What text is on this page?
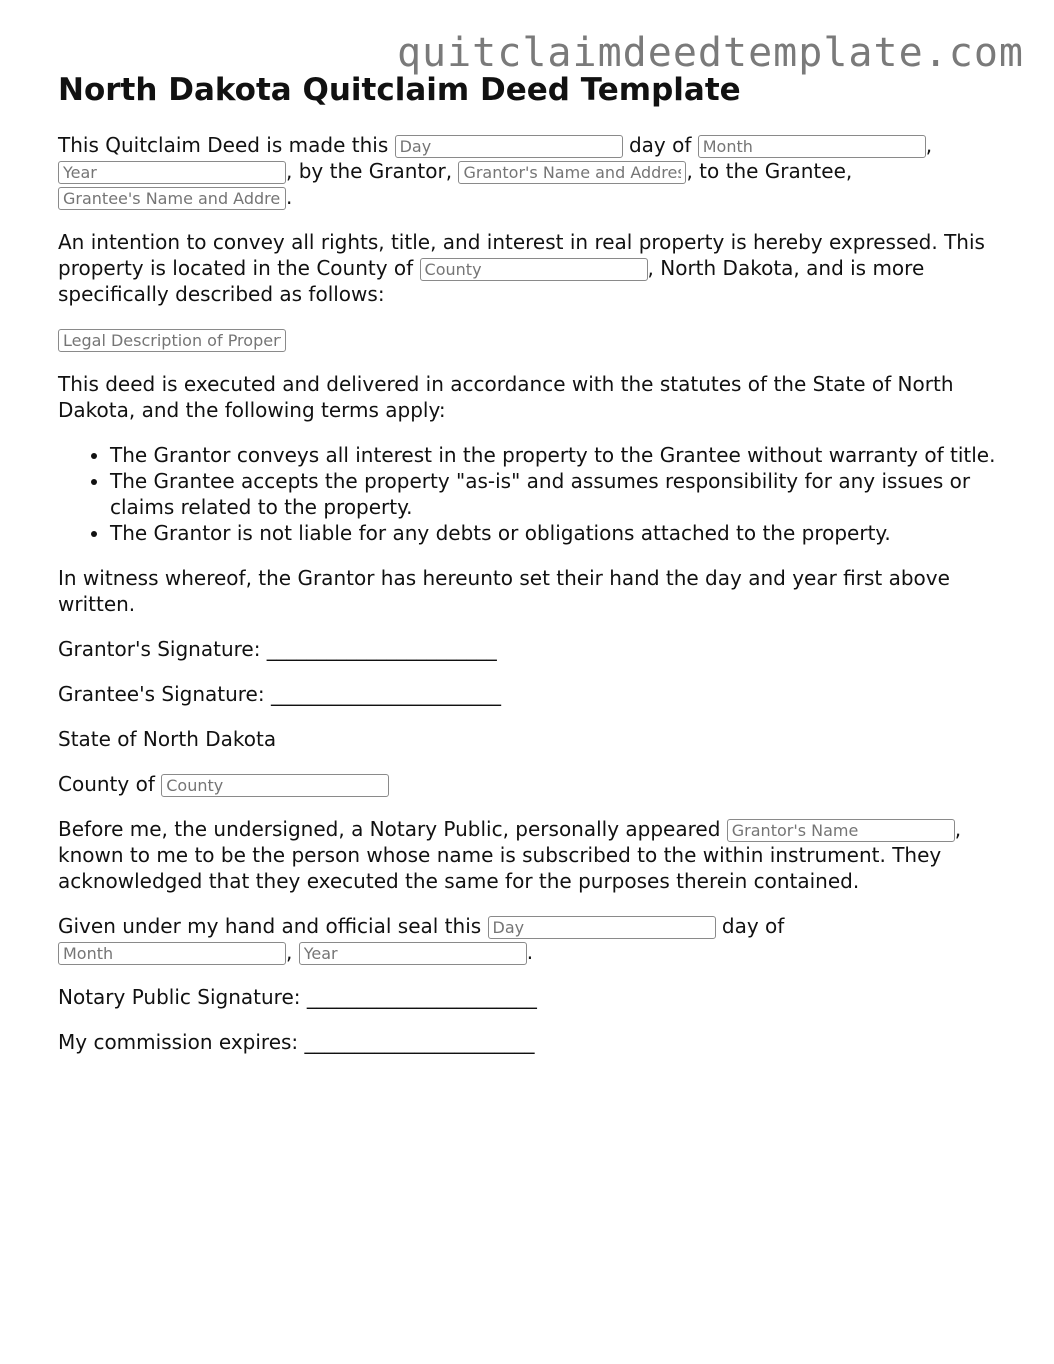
quitclaimdeedtemplate.com
North Dakota Quitclaim Deed Template

This Quitclaim Deed is made this Day	day of Month	, Year, by the Grantor, Grantor's Name and Address	, to the Grantee, Grantee's Name and Address.

An intention to convey all rights, title, and interest in real property is hereby expressed. This property is located in the County of County	, North Dakota, and is more specifically described as follows:

Legal Description of Property

This deed is executed and delivered in accordance with the statutes of the State of North Dakota, and the following terms apply:

• The Grantor conveys all interest in the property to the Grantee without warranty of title.
• The Grantee accepts the property "as-is" and assumes responsibility for any issues or claims related to the property.
• The Grantor is not liable for any debts or obligations attached to the property.

In witness whereof, the Grantor has hereunto set their hand the day and year first above written.

Grantor's Signature: _______________________

Grantee's Signature: _______________________

State of North Dakota

County of County

Before me, the undersigned, a Notary Public, personally appeared Grantor's Name	, known to me to be the person whose name is subscribed to the within instrument. They acknowledged that they executed the same for the purposes therein contained.

Given under my hand and official seal this Day	day of
Month, Year	.

Notary Public Signature: _______________________

My commission expires: _______________________
